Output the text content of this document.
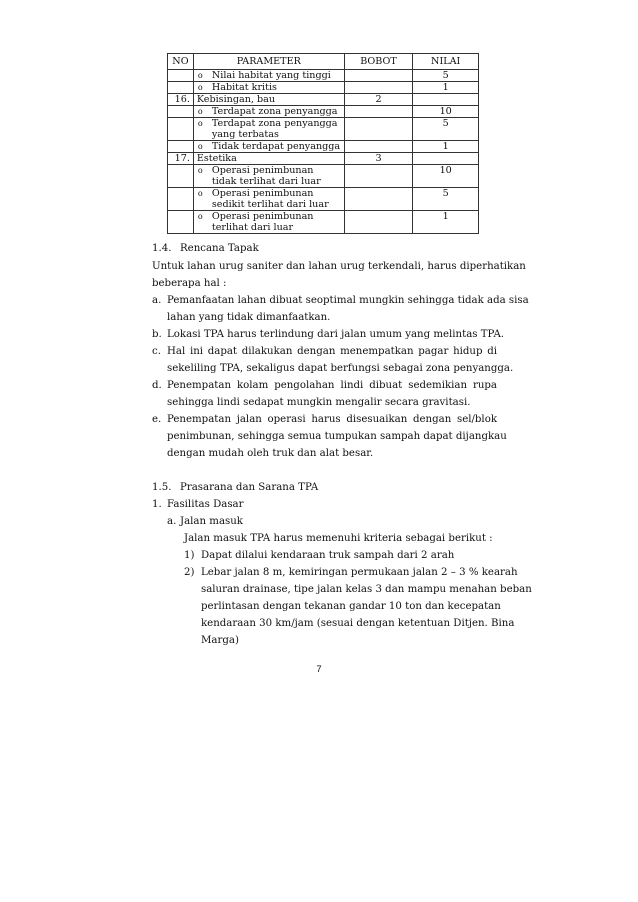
NO	PARAMETER	BOBOT	NILAI

	o Nilai habitat yang tinggi		5

	o Habitat kritis		1
16.	Kebisingan, bau	2	

	o Terdapat zona penyangga		10

	o Terdapat zona penyangga yang terbatas		5

	o Tidak terdapat penyangga		1
17.	Estetika	3	

	o Operasi penimbunan tidak terlihat dari luar		10

	o Operasi penimbunan sedikit terlihat dari luar		5

	o Operasi penimbunan terlihat dari luar		1
1.4. Rencana Tapak
Untuk lahan urug saniter dan lahan urug terkendali, harus diperhatikan
beberapa hal :
a. Pemanfaatan lahan dibuat seoptimal mungkin sehingga tidak ada sisa
lahan yang tidak dimanfaatkan.
b. Lokasi TPA harus terlindung dari jalan umum yang melintas TPA.
c. Hal ini dapat dilakukan dengan menempatkan pagar hidup di
sekeliling TPA, sekaligus dapat berfungsi sebagai zona penyangga.
d. Penempatan kolam pengolahan lindi dibuat sedemikian rupa
sehingga lindi sedapat mungkin mengalir secara gravitasi.
e. Penempatan jalan operasi harus disesuaikan dengan sel/blok
penimbunan, sehingga semua tumpukan sampah dapat dijangkau
dengan mudah oleh truk dan alat besar.
1.5. Prasarana dan Sarana TPA
1. Fasilitas Dasar
a. Jalan masuk
Jalan masuk TPA harus memenuhi kriteria sebagai berikut :
1) Dapat dilalui kendaraan truk sampah dari 2 arah
2) Lebar jalan 8 m, kemiringan permukaan jalan 2 – 3 % kearah
saluran drainase, tipe jalan kelas 3 dan mampu menahan beban
perlintasan dengan tekanan gandar 10 ton dan kecepatan
kendaraan 30 km/jam (sesuai dengan ketentuan Ditjen. Bina
Marga)
7
